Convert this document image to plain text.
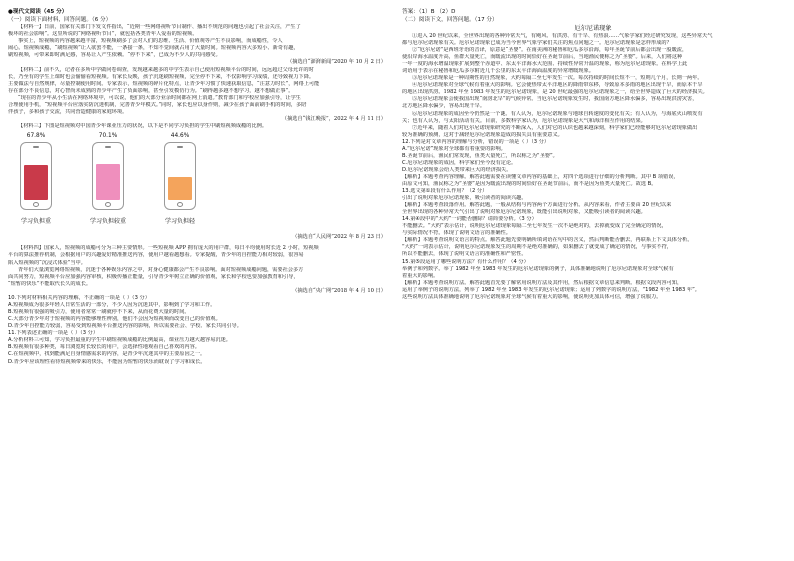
●现代文阅读（45 分）

（一）阅读下面材料，回答问题。（6 分）

【材料一】日前，国家有关部门下发文件指出，“近期一些网络视听节目制作、播出不规范的问题也引起了社会关注，产生了

极坏的社会影响”。这里所说的“网络视听节目”，就包括各类青年人爱看的短视频。

事实上，短视频的内容越来越丰富，短视频刷多了会对人们的思维、生活、价值观等产生不良影响，而成瘾性，令人

闹心。短视频成瘾，“刷短视频”让人欲罢不能，一条接一条，不知不觉间就占用了大量时间。短视频内容大多短小、新奇有趣，

刷短视频，可带来即时满足感，容易让人产生依赖。“停不下来”，已成为不少人的共同感受。

（摘选自“澎湃新闻”2020 年 10 月 2 日）

【材料二】前不久，记者在多所中学做问卷调查，发现越来越多的中学生表示自己使用短视频平台的时间，远远超过父母允许的时

长，乃至有的学生上课时也会偷偷看短视频。有家长反映，孩子沉迷刷短视频，完全停不下来，不仅影响学习成绩，还导致视力下降。

主要做法与自然规律，尽量控制使用时间。专家表示，短视频的碎片化特点，让青少年习惯了快速获取信息，“注意力时长”，网络上可能

存在部分不良信息，对心智尚未成熟的青少年产生了负面影响，甚至引发模仿行为。“刷得越多越不想学习，越不想做正事”。

“现在的青少年从小生活在网络环境中，可以说，他们的大部分业余时间都在网上消遣。”教育部门和学校应加强引导，让学生

合理使用手机，“短视频平台应落实防沉迷机制，完善青少年模式。”同时，家长也应以身作则，减少在孩子面前刷手机的时间，多陪

伴孩子，多和孩子交流，共同营造健康的家庭环境。

（摘选自“钱江晚报”，2022 年 4 月 11 日）

【材料三】下图是短视频对中国青少年课业压力的状况，以下是不同学习负担的学生中刷短视频成瘾的比例。

67.8%	70.1%	44.6%
学习负担重	学习负担较重	学习负担轻
（摘选自“人民网”2022 年 8 月 23 日）

【材料四】国家人，短视频的成瘾可分为三种主要情形。一些短视频 APP 拥有庞大的用户群，每日平均使用时长近 2 小时，短视频

平台的算法推荐机制，会根据用户的兴趣爱好精准推送内容，使用户越看越想看。专家提醒，青少年的自控能力相对较弱，很容易

陷入短视频的“沉浸式体验”当中。

青年们大量浏览网络短视频，沉迷于各种娱乐内容之中，对身心健康都会产生不良影响。面对短视频成瘾问题，需要社会多方

面共同努力，短视频平台应加强内容审核，积极传播正能量，引导青少年树立正确的价值观，家长和学校也要加强教育和引导，

“短暂的快乐”不能取代长久的成长。

（摘选自“央广网”2018 年 4 月 10 日）

10.下列对材料相关内容的理解，不正确的一项是（ ）（3 分）

A.短视频成为很多年轻人日常生活的一部分，不少人因为沉迷其中，影响到了学习和工作。

B.短视频有很强的吸引力，使用者常常一刷就停不下来，从而花费大量的时间。

C.大部分青少年对于短视频的内容能够理性辨别，他们不会因为短视频而改变自己的价值观。

D.青少年自控能力较弱，容易受到短视频平台推送内容的影响，所以需要社会、学校、家长共同引导。

11.下列表述正确的一项是（ ）（3 分）

A.分析材料三可知，学习负担最重的学生中刷短视频成瘾的比例最高，课业压力越大越容易沉迷。

B.短视频有很多种类，每日浏览时长较长的用户，会选择性地观看自己喜欢的内容。

C.在短视频中，找到能满足自身情感需求的内容，是青少年沉迷其中的主要原因之一。

D.青少年应该理性看待短视频带来的快乐，不能因为短暂的快乐而耽误了学习和成长。

答案：（1）B （2）D

（二）阅读下文，回答问题。（17 分）

厄尔尼诺现象

①进入 20 世纪以来，全世界出现的各种异常天气，有飓风、有洪涝、有干旱、有热浪……气象学家们经过研究发现，这些异常天气

都与厄尔尼诺现象有关。厄尔尼诺现象已成为当今世界气象学家们关注的焦点问题之一。厄尔尼诺现象是怎样形成的？

②“厄尔尼诺”是西班牙语的音译，原意是“圣婴”。在南美洲的秘鲁和厄瓜多尔沿海，每年圣诞节前后都会出现一股暖流，

使沿岸海水温度升高，鱼群大量死亡，而暖流出现的时间恰好在圣诞节前后，当地渔民便称之为“圣婴”。后来，人们将这种

一年一度的海水增温现象扩展到整个赤道中、东太平洋海水大范围、持续性异常升温的现象，称为厄尔尼诺现象。在科学上此

词语用于表示在秘鲁和厄瓜多尔附近几千公里的东太平洋海面温度的异常增暖现象。

③厄尔尼诺现象是一种周期性的自然现象，大约每隔二至七年发生一次。每次持续的时间长短不一，短则几个月，长则一两年。

④厄尔尼诺现象对全球气候有着重大的影响。它会使热带太平洋地区的降雨带东移，导致原本多雨的地区出现干旱，而原本干旱

的地区出现洪涝。1982 年至 1983 年发生的厄尔尼诺现象，是 20 世纪最强的厄尔尼诺现象之一，给全世界造成了巨大的经济损失。

⑤厄尔尼诺现象会使我国出现“南涝北旱”的气候异常。当厄尔尼诺现象发生时，我国南方地区降水偏多，容易出现洪涝灾害，

北方地区降水偏少，容易出现干旱。

⑥厄尔尼诺现象的成因至今仍然是一个谜。有人认为，厄尔尼诺现象与地球自转速度的变化有关；有人认为，与海底火山喷发有

关；也有人认为，与太阳活动有关。目前，多数科学家认为，厄尔尼诺现象是大气和海洋相互作用的结果。

⑦近年来，随着人们对厄尔尼诺现象研究的不断深入，人们对它的认识也越来越深刻，科学家们已经能够对厄尔尼诺现象做出

较为准确的预测，这对于减轻厄尔尼诺现象造成的损失具有重要意义。

12.下列是对文章内容的理解与分析，错误的一项是（ ）（3 分）

A.“厄尔尼诺”现象对全球都有着重要的影响。

B.圣诞节前后，渔民们常发现，鱼类大量死亡，所以称之为“圣婴”。

C.厄尔尼诺现象的成因，科学家们至今没有定论。

D.厄尔尼诺现象会给人类带来巨大的经济损失。

【解析】本题考查内容理解。解答此题需要在读懂文章内容的基础上，对四个选项进行仔细的分析判断。其中 B 项错误，

由原文可知，渔民称之为“圣婴”是因为暖流出现的时间恰好在圣诞节前后，而不是因为鱼类大量死亡。故选 B。

13.选文第①段有什么作用？（2 分）

引出了说明对象厄尔尼诺现象，吸引读者的阅读兴趣。

【解析】本题考查段落作用。解答此题，一般从结构与内容两个方面进行分析。从内容来看，作者主要由 20 世纪以来

全世界出现的各种异常天气引出了说明对象厄尔尼诺现象，既能引出说明对象，又能吸引读者的阅读兴趣。

14.第④段中的“大约”一词能否删除？请简要分析。（3 分）

不能删去。“大约”表示估计，说明厄尔尼诺现象每隔二至七年发生一次不是绝对的，去掉就变成了完全确定的情况，

与实际情况不符。体现了说明文语言的准确性。

【解析】本题考查说明文语言的特点。解答此题先要明确所填词语在句中的含义，然后判断能否删去，再联系上下文具体分析。

“大约”一词表示估计，说明厄尔尼诺现象发生的周期不是绝对准确的，如果删去了就变成了确定的情况，与事实不符，

所以不能删去，体现了说明文语言的准确性和严密性。

15.第⑤段运用了哪些说明方法？有什么作用？（4 分）

举例子和列数字。举了 1982 年至 1983 年发生的厄尔尼诺现象的例子，具体准确地说明了厄尔尼诺现象对全球气候有

着重大的影响。

【解析】本题考查说明方法。解答此题首先要了解常用说明方法及其作用，然后根据文章信息来判断。根据文段内容可知，

运用了举例子的说明方法，列举了 1982 年至 1983 年发生的厄尔尼诺现象；运用了列数字的说明方法，“1982 年至 1983 年”。

这些说明方法具体准确地说明了厄尔尼诺现象对全球气候有着重大的影响，使说明更加具体可信，增强了说服力。
